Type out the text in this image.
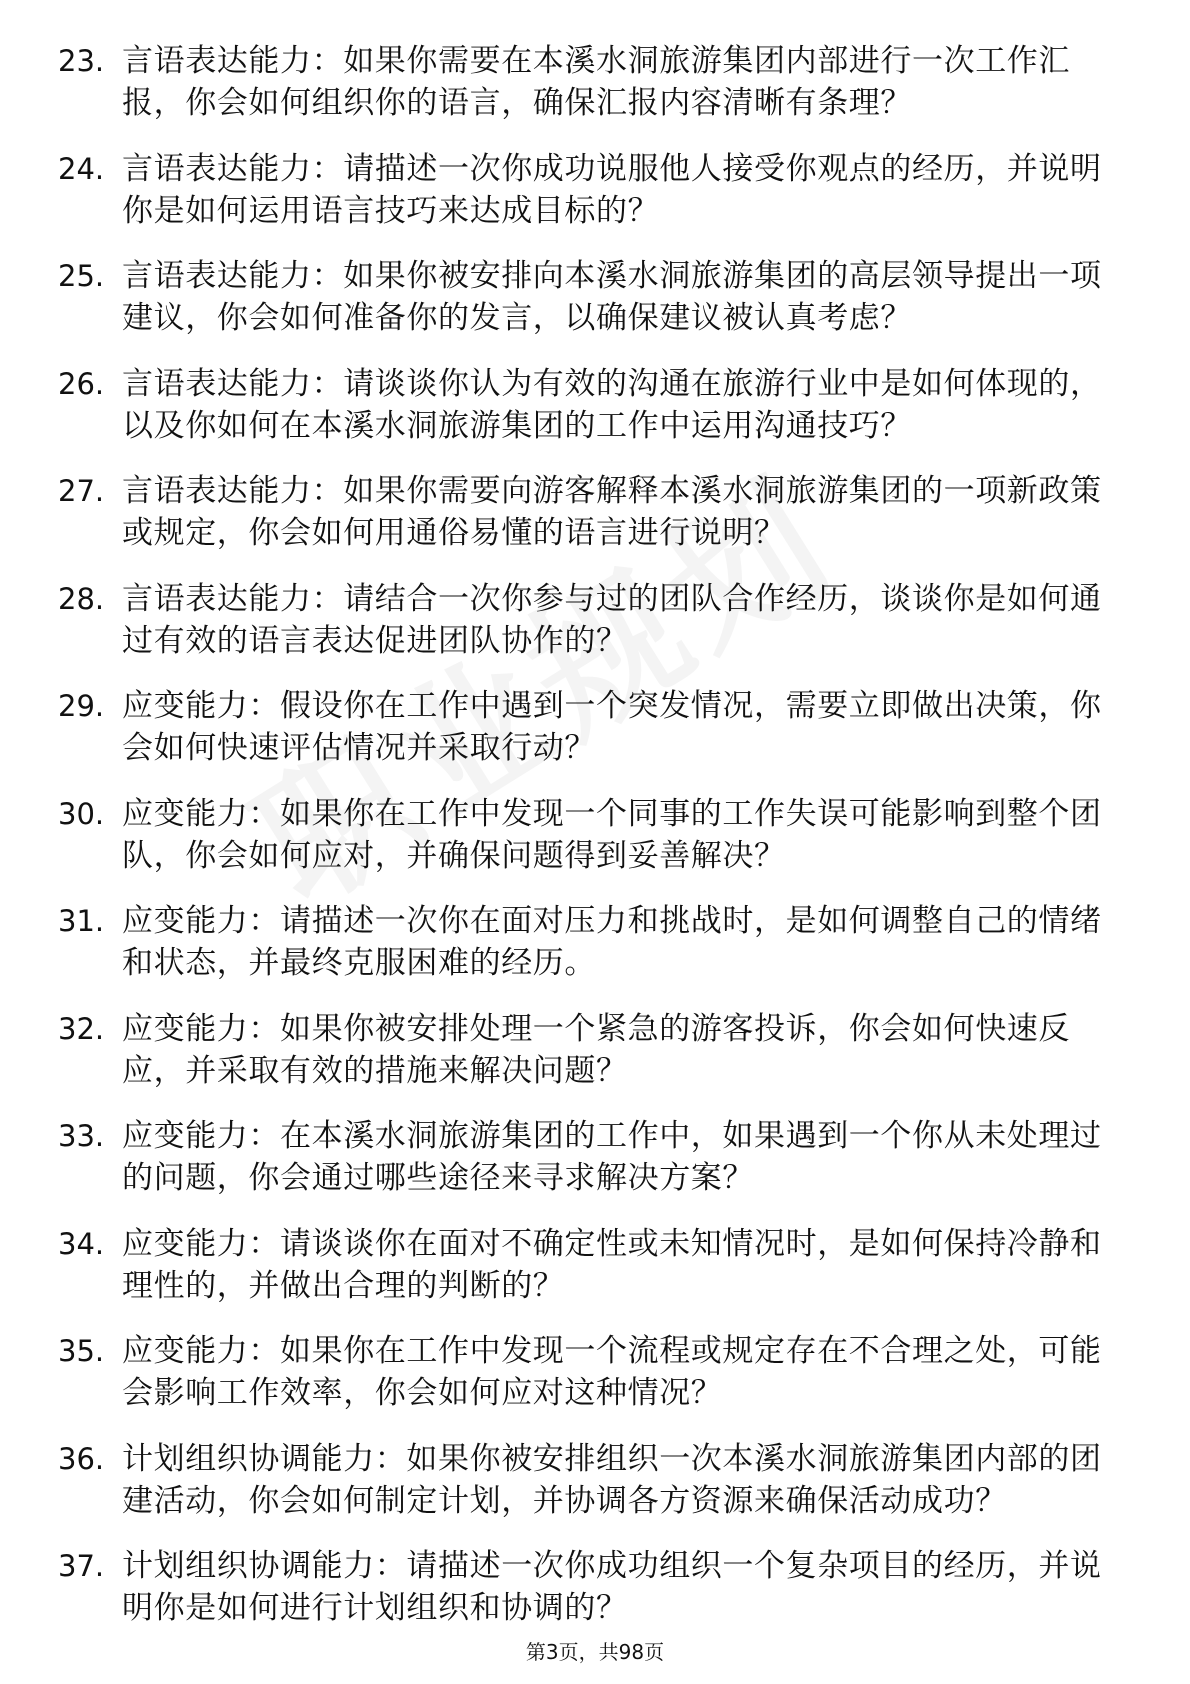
23. 言语表达能力：如果你需要在本溪水洞旅游集团内部进行一次工作汇报，你会如何组织你的语言，确保汇报内容清晰有条理？
24. 言语表达能力：请描述一次你成功说服他人接受你观点的经历，并说明你是如何运用语言技巧来达成目标的？
25. 言语表达能力：如果你被安排向本溪水洞旅游集团的高层领导提出一项建议，你会如何准备你的发言，以确保建议被认真考虑？
26. 言语表达能力：请谈谈你认为有效的沟通在旅游行业中是如何体现的，以及你如何在本溪水洞旅游集团的工作中运用沟通技巧？
27. 言语表达能力：如果你需要向游客解释本溪水洞旅游集团的一项新政策或规定，你会如何用通俗易懂的语言进行说明？
28. 言语表达能力：请结合一次你参与过的团队合作经历，谈谈你是如何通过有效的语言表达促进团队协作的？
29. 应变能力：假设你在工作中遇到一个突发情况，需要立即做出决策，你会如何快速评估情况并采取行动？
30. 应变能力：如果你在工作中发现一个同事的工作失误可能影响到整个团队，你会如何应对，并确保问题得到妥善解决？
31. 应变能力：请描述一次你在面对压力和挑战时，是如何调整自己的情绪和状态，并最终克服困难的经历。
32. 应变能力：如果你被安排处理一个紧急的游客投诉，你会如何快速反应，并采取有效的措施来解决问题？
33. 应变能力：在本溪水洞旅游集团的工作中，如果遇到一个你从未处理过的问题，你会通过哪些途径来寻求解决方案？
34. 应变能力：请谈谈你在面对不确定性或未知情况时，是如何保持冷静和理性的，并做出合理的判断的？
35. 应变能力：如果你在工作中发现一个流程或规定存在不合理之处，可能会影响工作效率，你会如何应对这种情况？
36. 计划组织协调能力：如果你被安排组织一次本溪水洞旅游集团内部的团建活动，你会如何制定计划，并协调各方资源来确保活动成功？
37. 计划组织协调能力：请描述一次你成功组织一个复杂项目的经历，并说明你是如何进行计划组织和协调的？
第3页，共98页
